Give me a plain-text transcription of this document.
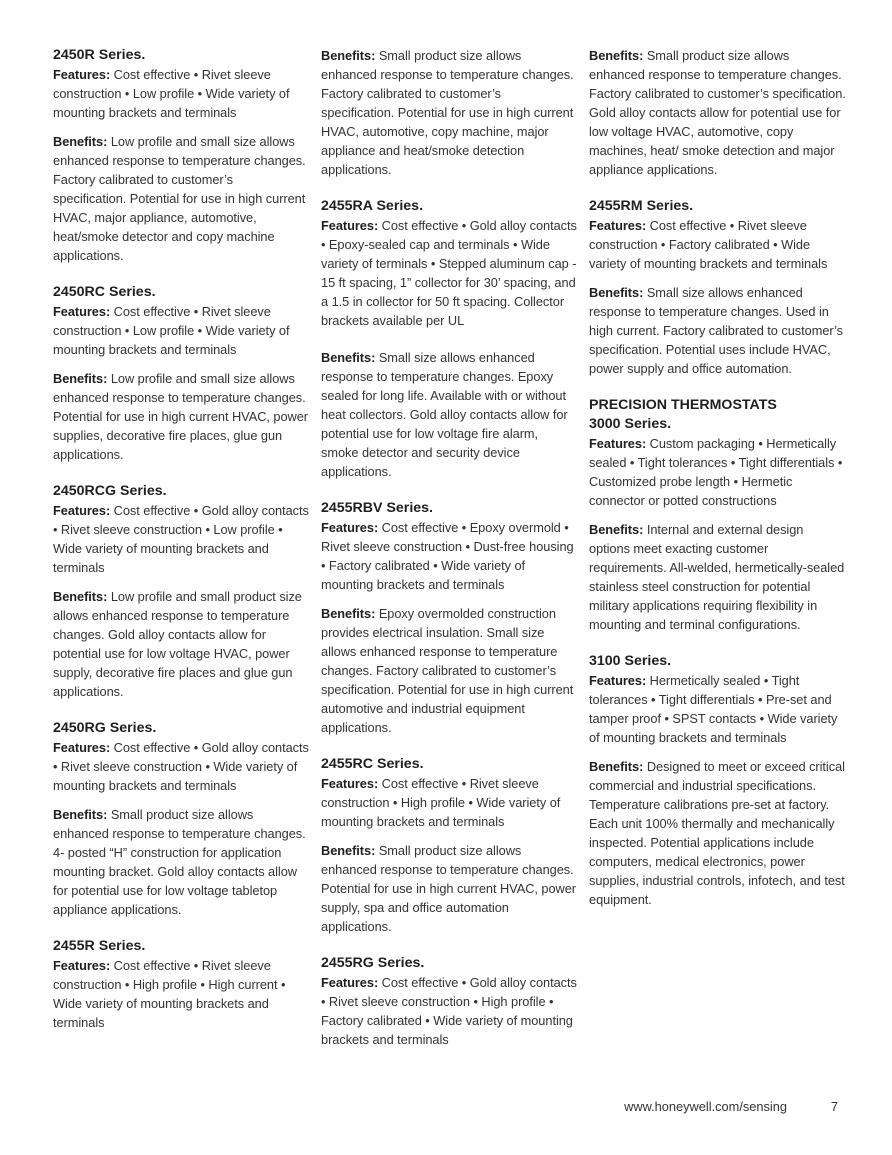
2450R Series.

Features: Cost effective • Rivet sleeve construction • Low profile • Wide variety of mounting brackets and terminals

Benefits: Low profile and small size allows enhanced response to temperature changes. Factory calibrated to customer’s specification. Potential for use in high current HVAC, major appliance, automotive, heat/smoke detector and copy machine applications.

2450RC Series.

Features: Cost effective • Rivet sleeve construction • Low profile • Wide variety of mounting brackets and terminals

Benefits: Low profile and small size allows enhanced response to temperature changes. Potential for use in high current HVAC, power supplies, decorative fire places, glue gun applications.

2450RCG Series.

Features: Cost effective • Gold alloy contacts • Rivet sleeve construction • Low profile • Wide variety of mounting brackets and terminals

Benefits: Low profile and small product size allows enhanced response to temperature changes. Gold alloy contacts allow for potential use for low voltage HVAC, power supply, decorative fire places and glue gun applications.

2450RG Series.

Features: Cost effective • Gold alloy contacts • Rivet sleeve construction • Wide variety of mounting brackets and terminals

Benefits: Small product size allows enhanced response to temperature changes. 4- posted “H” construction for application mounting bracket. Gold alloy contacts allow for potential use for low voltage tabletop appliance applications.

2455R Series.

Features: Cost effective • Rivet sleeve construction • High profile • High current • Wide variety of mounting brackets and terminals

Benefits: Small product size allows enhanced response to temperature changes. Factory calibrated to customer’s specification. Potential for use in high current HVAC, automotive, copy machine, major appliance and heat/smoke detection applications.

2455RA Series.

Features: Cost effective • Gold alloy contacts • Epoxy-sealed cap and terminals • Wide variety of terminals • Stepped aluminum cap - 15 ft spacing, 1” collector for 30’ spacing, and a 1.5 in collector for 50 ft spacing. Collector brackets available per UL

Benefits: Small size allows enhanced response to temperature changes. Epoxy sealed for long life. Available with or without heat collectors. Gold alloy contacts allow for potential use for low voltage fire alarm, smoke detector and security device applications.

2455RBV Series.

Features: Cost effective • Epoxy overmold • Rivet sleeve construction • Dust-free housing • Factory calibrated • Wide variety of mounting brackets and terminals

Benefits: Epoxy overmolded construction provides electrical insulation. Small size allows enhanced response to temperature changes. Factory calibrated to customer’s specification. Potential for use in high current automotive and industrial equipment applications.

2455RC Series.

Features: Cost effective • Rivet sleeve construction • High profile • Wide variety of mounting brackets and terminals

Benefits: Small product size allows enhanced response to temperature changes. Potential for use in high current HVAC, power supply, spa and office automation applications.

2455RG Series.

Features: Cost effective • Gold alloy contacts • Rivet sleeve construction • High profile • Factory calibrated • Wide variety of mounting brackets and terminals

Benefits: Small product size allows enhanced response to temperature changes. Factory calibrated to customer’s specification. Gold alloy contacts allow for potential use for low voltage HVAC, automotive, copy machines, heat/ smoke detection and major appliance applications.

2455RM Series.

Features: Cost effective • Rivet sleeve construction • Factory calibrated • Wide variety of mounting brackets and terminals

Benefits: Small size allows enhanced response to temperature changes. Used in high current. Factory calibrated to customer’s specification. Potential uses include HVAC, power supply and office automation.

PRECISION THERMOSTATS
3000 Series.

Features: Custom packaging • Hermetically sealed • Tight tolerances • Tight differentials • Customized probe length • Hermetic connector or potted constructions

Benefits: Internal and external design options meet exacting customer requirements. All-welded, hermetically-sealed stainless steel construction for potential military applications requiring flexibility in mounting and terminal configurations.

3100 Series.

Features: Hermetically sealed • Tight tolerances • Tight differentials • Pre-set and tamper proof • SPST contacts • Wide variety of mounting brackets and terminals

Benefits: Designed to meet or exceed critical commercial and industrial specifications. Temperature calibrations pre-set at factory. Each unit 100% thermally and mechanically inspected. Potential applications include computers, medical electronics, power supplies, industrial controls, infotech, and test equipment.

www.honeywell.com/sensing	7
